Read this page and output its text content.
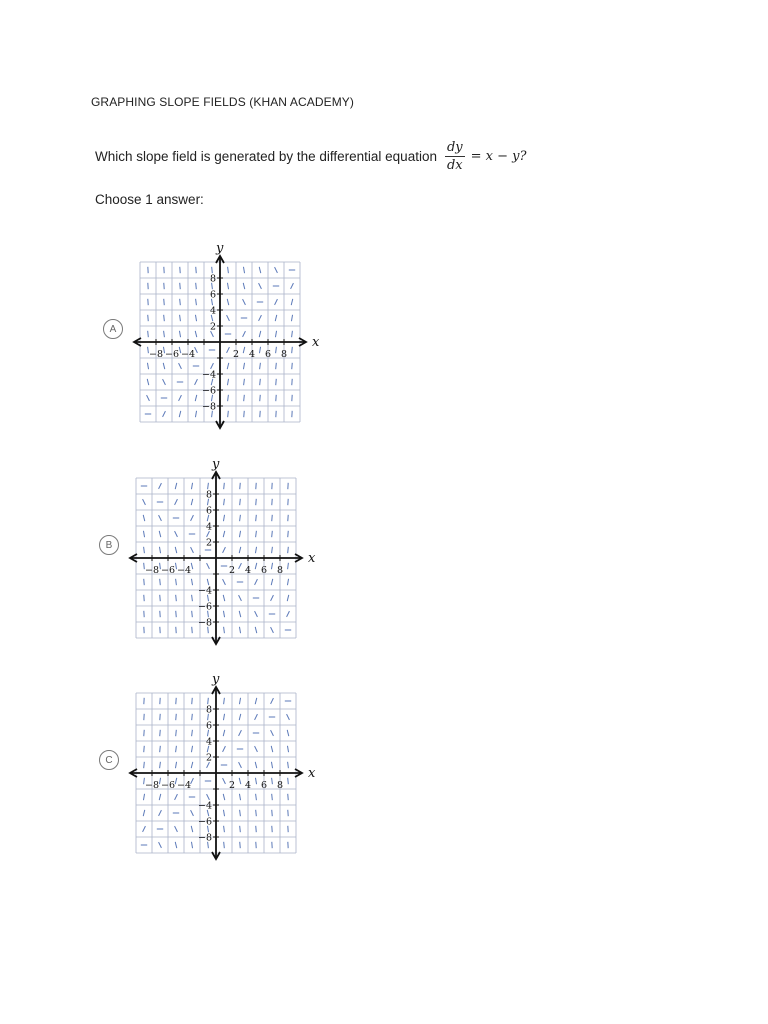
GRAPHING SLOPE FIELDS (KHAN ACADEMY)
Which slope field is generated by the differential equation $\frac{dy}{dx} = x - y$?
Choose 1 answer:
A
x
y
−8 −6 −4	2 4 6 8
8
6
4
2
−4
−6
−8
B
x
y
−8 −6 −4	2 4 6 8
8
6
4
2
−4
−6
−8
C
x
y
−8 −6 −4	2 4 6 8
8
6
4
2
−4
−6
−8
